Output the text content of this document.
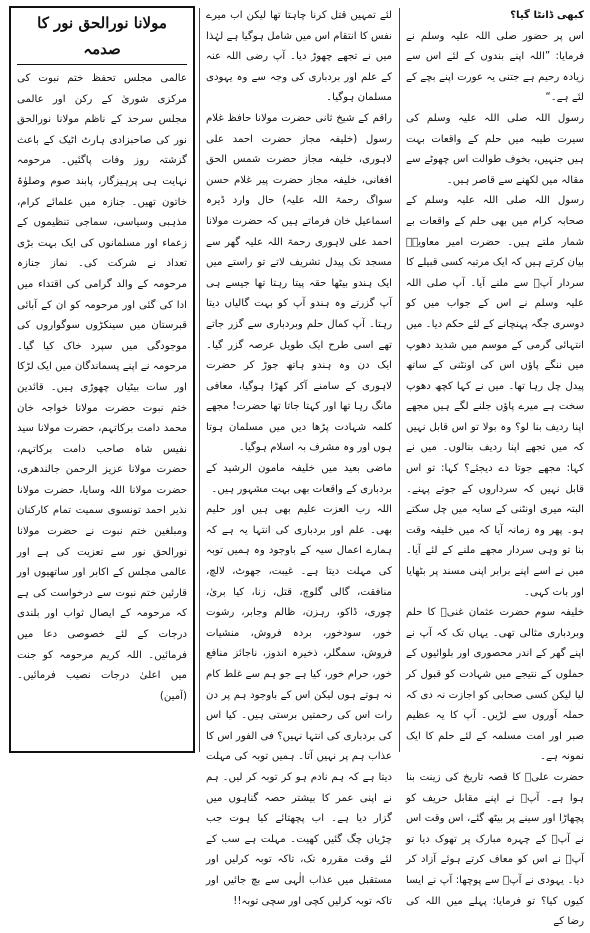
کبھی ڈانٹا گیا؟

اس پر حضور صلی اللہ علیہ وسلم نے فرمایا: ”اللہ اپنے بندوں کے لئے اس سے زیادہ رحیم ہے جتنی یہ عورت اپنے بچے کے لئے ہے۔“

رسول اللہ صلی اللہ علیہ وسلم کی سیرت طیبہ میں حلم کے واقعات بہت ہیں جنہیں، بخوف طوالت اس چھوٹے سے مقالہ میں لکھنے سے قاصر ہیں۔

رسول اللہ صلی اللہ علیہ وسلم کے صحابہ کرام میں بھی حلم کے واقعات بے شمار ملتے ہیں۔ حضرت امیر معاویہؓ بیان کرتے ہیں کہ ایک مرتبہ کسی قبیلے کا سردار آپؐ سے ملنے آیا۔ آپ صلی اللہ علیہ وسلم نے اس کے جواب میں کو دوسری جگہ پہنچانے کے لئے حکم دیا۔ میں انتہائی گرمی کے موسم میں شدید دھوپ میں ننگے پاؤں اس کی اونٹنی کے ساتھ پیدل چل رہا تھا۔ میں نے کہا کچھ دھوپ سخت ہے میرے پاؤں جلنے لگے ہیں مجھے اپنا ردیف بنا لو؟ وہ بولا تو اس قابل نہیں کہ میں تجھے اپنا ردیف بنالوں۔ میں نے کہا: مجھے جوتا دے دیجئے؟ کہا: تو اس قابل نہیں کہ سرداروں کے جوتے پہنے۔ البتہ میری اونٹنی کے سایہ میں چل سکتے ہو۔ پھر وہ زمانہ آیا کہ میں خلیفہ وقت بنا تو وہی سردار مجھے ملنے کے لئے آیا۔ میں نے اسے اپنے برابر اپنی مسند پر بٹھایا اور بات کہی۔

خلیفہ سوم حضرت عثمان غنیؓ کا حلم وبردباری مثالی تھی۔ یہاں تک کہ آپ نے اپنے گھر کے اندر محصوری اور بلوائیوں کے حملوں کے نتیجے میں شہادت کو قبول کر لیا لیکن کسی صحابی کو اجازت نہ دی کہ حملہ آوروں سے لڑیں۔ آپ کا یہ عظیم صبر اور امت مسلمہ کے لئے حلم کا ایک نمونہ ہے۔

حضرت علیؓ کا قصہ تاریخ کی زینت بنا ہوا ہے۔ آپؓ نے اپنے مقابل حریف کو پچھاڑا اور سینے پر بیٹھ گئے، اس وقت اس نے آپؓ کے چہرہ مبارک پر تھوک دیا تو آپؓ نے اس کو معاف کرتے ہوئے آزاد کر دیا۔ یہودی نے آپؓ سے پوچھا: آپ نے ایسا کیوں کیا؟ تو فرمایا: پہلے میں اللہ کی رضا کے

لئے تمہیں قتل کرنا چاہتا تھا لیکن اب میرے نفس کا انتقام اس میں شامل ہوگیا ہے لہٰذا میں نے تجھے چھوڑ دیا۔ آپ رضی اللہ عنہ کے علم اور بردباری کی وجہ سے وہ یہودی مسلمان ہوگیا۔

راقم کے شیخ ثانی حضرت مولانا حافظ غلام رسول (خلیفہ مجاز حضرت احمد علی لاہوری، خلیفہ مجاز حضرت شمس الحق افغانی، خلیفہ مجاز حضرت پیر غلام حسن سواگ رحمۃ اللہ علیہ) حال وارد ڈیرہ اسماعیل خان فرماتے ہیں کہ حضرت مولانا احمد علی لاہوری رحمۃ اللہ علیہ گھر سے مسجد تک پیدل تشریف لاتے تو راستے میں ایک ہندو بیٹھا حقہ پیتا رہتا تھا جیسے ہی آپ گزرتے وہ ہندو آپ کو بہت گالیاں دیتا رہتا۔ آپ کمال حلم وبردباری سے گزر جاتے تھے اسی طرح ایک طویل عرصہ گزر گیا۔ ایک دن وہ ہندو ہاتھ جوڑ کر حضرت لاہوری کے سامنے آکر کھڑا ہوگیا، معافی مانگ رہا تھا اور کہتا جاتا تھا حضرت! مجھے کلمہ شہادت پڑھا دیں میں مسلمان ہوتا ہوں اور وہ مشرف بہ اسلام ہوگیا۔

ماضی بعید میں خلیفہ مامون الرشید کے بردباری کے واقعات بھی بہت مشہور ہیں۔

اللہ رب العزت علیم بھی ہیں اور حلیم بھی۔ علم اور بردباری کی انتہا یہ ہے کہ ہمارے اعمال سیہ کے باوجود وہ ہمیں توبہ کی مہلت دیتا ہے۔ غیبت، جھوٹ، لالچ، منافقت، گالی گلوچ، قتل، زنا، کیا بریٰ، چوری، ڈاکو، رہزن، ظالم وجابر، رشوت خور، سودخور، بردہ فروش، منشیات فروش، سمگلر، ذخیرہ اندوز، ناجائز منافع خور، حرام خور، کیا ہے جو ہم سے غلط کام نہ ہوتے ہوں لیکن اس کے باوجود ہم پر دن رات اس کی رحمتیں برستی ہیں۔ کیا اس کی بردباری کی انتہا نہیں؟ فی الفور اس کا عذاب ہم پر نہیں آتا۔ ہمیں توبہ کی مہلت دیتا ہے کہ ہم نادم ہو کر توبہ کر لیں۔ ہم نے اپنی عمر کا بیشتر حصہ گناہوں میں گزار دیا ہے۔ اب پچھتائے کیا ہوت جب چڑیاں چگ گئیں کھیت۔ مہلت ہے سب کے لئے وقت مقررہ تک، تاکہ توبہ کرلیں اور مستقبل میں عذاب الٰہی سے بچ جائیں اور تاکہ توبہ کرلیں کچی اور سچی توبہ!!

مولانا نورالحق نور کا صدمہ

عالمی مجلس تحفظ ختم نبوت کی مرکزی شوریٰ کے رکن اور عالمی مجلس سرحد کے ناظم مولانا نورالحق نور کی صاحبزادی ہارٹ اٹیک کے باعث گزشتہ روز وفات پاگئیں۔ مرحومہ نہایت ہی پرہیزگار، پابند صوم وصلوٰۃ خاتون تھیں۔ جنازہ میں علمائے کرام، مذہبی وسیاسی، سماجی تنظیموں کے زعماء اور مسلمانوں کی ایک بہت بڑی تعداد نے شرکت کی۔ نماز جنازہ مرحومہ کے والد گرامی کی اقتداء میں ادا کی گئی اور مرحومہ کو ان کے آبائی قبرستان میں سینکڑوں سوگواروں کی موجودگی میں سپرد خاک کیا گیا۔ مرحومہ نے اپنے پسماندگان میں ایک لڑکا اور سات بیٹیاں چھوڑی ہیں۔ قائدین ختم نبوت حضرت مولانا خواجہ خان محمد دامت برکاتہم، حضرت مولانا سید نفیس شاہ صاحب دامت برکاتہم، حضرت مولانا عزیز الرحمن جالندھری، حضرت مولانا اللہ وسایا، حضرت مولانا نذیر احمد تونسوی سمیت تمام کارکنان ومبلغین ختم نبوت نے حضرت مولانا نورالحق نور سے تعزیت کی ہے اور عالمی مجلس کے اکابر اور ساتھیوں اور قارئین ختم نبوت سے درخواست کی ہے کہ مرحومہ کے ایصال ثواب اور بلندی درجات کے لئے خصوصی دعا میں فرمائیں۔ اللہ کریم مرحومہ کو جنت میں اعلیٰ درجات نصیب فرمائیں۔ (آمین)
